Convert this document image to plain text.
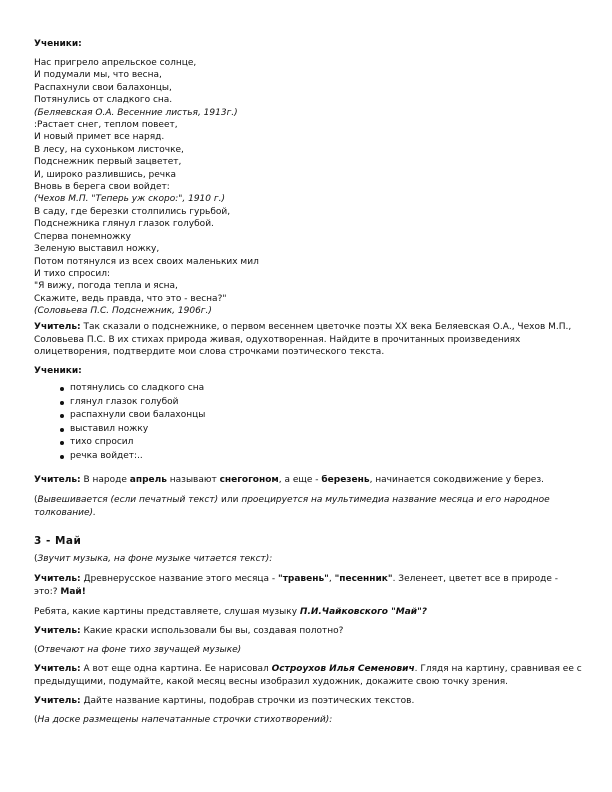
Ученики:
Нас пригрело апрельское солнце,
И подумали мы, что весна,
Распахнули свои балахонцы,
Потянулись от сладкого сна.
(Беляевская О.А. Весенние листья, 1913г.)
:Растает снег, теплом повеет,
И новый примет все наряд.
В лесу, на сухоньком листочке,
Подснежник первый зацветет,
И, широко разлившись, речка
Вновь в берега свои войдет:
(Чехов М.П. "Теперь уж скоро:", 1910 г.)
В саду, где березки столпились гурьбой,
Подснежника глянул глазок голубой.
Сперва понемножку
Зеленую выставил ножку,
Потом потянулся из всех своих маленьких мил
И тихо спросил:
"Я вижу, погода тепла и ясна,
Скажите, ведь правда, что это - весна?"
(Соловьева П.С. Подснежник, 1906г.)
Учитель: Так сказали о подснежнике, о первом весеннем цветочке поэты XX века Беляевская О.А., Чехов М.П., Соловьева П.С. В их стихах природа живая, одухотворенная. Найдите в прочитанных произведениях олицетворения, подтвердите мои слова строчками поэтического текста.
Ученики:
потянулись со сладкого сна
глянул глазок голубой
распахнули свои балахонцы
выставил ножку
тихо спросил
речка войдет:..
Учитель: В народе апрель называют снегогоном, а еще - березень, начинается сокодвижение у берез.
(Вывешивается (если печатный текст) или проецируется на мультимедиа название месяца и его народное толкование).
3 - Май
(Звучит музыка, на фоне музыке читается текст):
Учитель: Древнерусское название этого месяца - "травень", "песенник". Зеленеет, цветет все в природе - это:? Май!
Ребята, какие картины представляете, слушая музыку П.И.Чайковского "Май"?
Учитель: Какие краски использовали бы вы, создавая полотно?
(Отвечают на фоне тихо звучащей музыке)
Учитель: А вот еще одна картина. Ее нарисовал Остроухов Илья Семенович. Глядя на картину, сравнивая ее с предыдущими, подумайте, какой месяц весны изобразил художник, докажите свою точку зрения.
Учитель: Дайте название картины, подобрав строчки из поэтических текстов.
(На доске размещены напечатанные строчки стихотворений):
